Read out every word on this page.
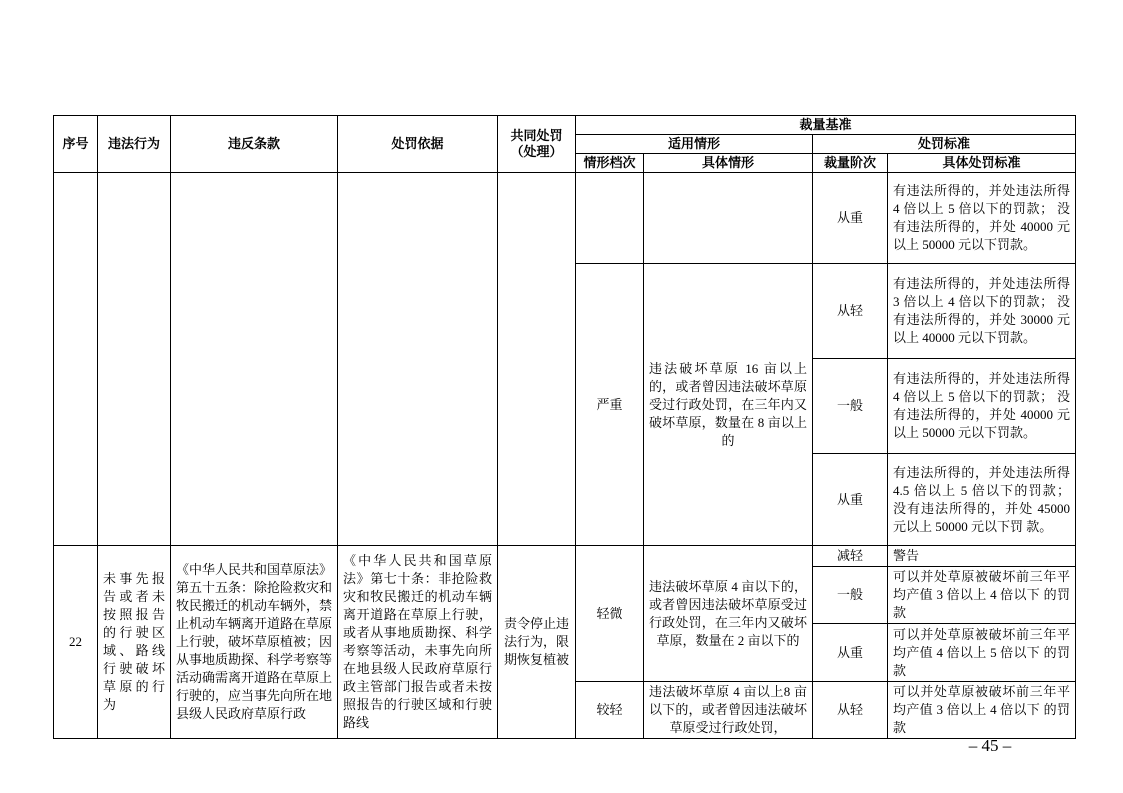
序号	违法行为	违反条款	处罚依据	共同处罚（处理）	裁量基准			
					适用情形		处罚标准	
					情形档次	具体情形	裁量阶次	具体处罚标准
							从重	有违法所得的，并处违法所得 4 倍以上 5 倍以下的罚款； 没有违法所得的，并处 40000 元以上 50000 元以下罚款。
					严重	违法破坏草原 16 亩以上的，或者曾因违法破坏草原受过行政处罚，在三年内又破坏草原，数量在 8 亩以上的	从轻	有违法所得的，并处违法所得 3 倍以上 4 倍以下的罚款； 没有违法所得的，并处 30000 元以上 40000 元以下罚款。
							一般	有违法所得的，并处违法所得 4 倍以上 5 倍以下的罚款； 没有违法所得的，并处 40000 元以上 50000 元以下罚款。
							从重	有违法所得的，并处违法所得 4.5 倍以上 5 倍以下的罚款； 没有违法所得的，并处 45000 元以上 50000 元以下罚 款。
22	未事先报告或者未按照报告的行驶区域、路线行驶破坏草原的行为	《中华人民共和国草原法》第五十五条：除抢险救灾和牧民搬迁的机动车辆外，禁止机动车辆离开道路在草原上行驶，破坏草原植被；因从事地质勘探、科学考察等活动确需离开道路在草原上行驶的，应当事先向所在地县级人民政府草原行政	《中华人民共和国草原法》第七十条：非抢险救灾和牧民搬迁的机动车辆离开道路在草原上行驶，或者从事地质勘探、科学考察等活动，未事先向所在地县级人民政府草原行政主管部门报告或者未按照报告的行驶区域和行驶路线	责令停止违法行为，限期恢复植被	轻微	违法破坏草原 4 亩以下的，或者曾因违法破坏草原受过行政处罚，在三年内又破坏草原，数量在 2 亩以下的	减轻	警告
							一般	可以并处草原被破坏前三年平均产值 3 倍以上 4 倍以下 的罚款
							从重	可以并处草原被破坏前三年平均产值 4 倍以上 5 倍以下 的罚款
					较轻	违法破坏草原 4 亩以上8 亩以下的，或者曾因违法破坏草原受过行政处罚，	从轻	可以并处草原被破坏前三年平均产值 3 倍以上 4 倍以下 的罚款
– 45 –
